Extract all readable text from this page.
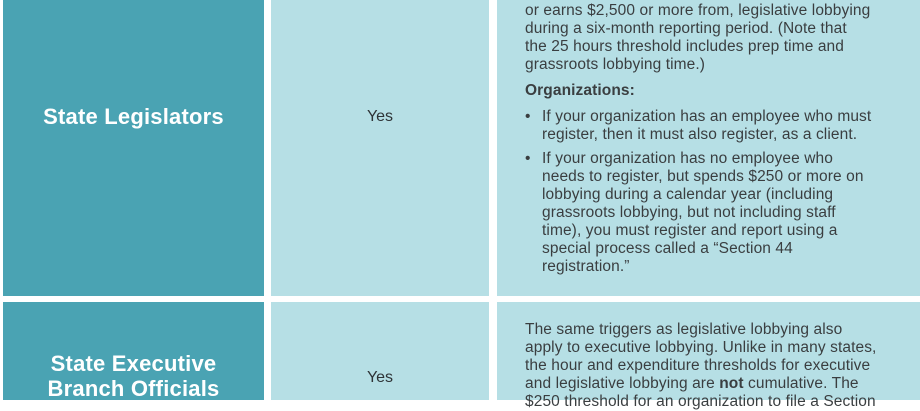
State Legislators	Yes
or earns $2,500 or more from, legislative lobbying
during a six-month reporting period. (Note that
the 25 hours threshold includes prep time and
grassroots lobbying time.)
Organizations:
• If your organization has an employee who must
register, then it must also register, as a client.
• If your organization has no employee who
needs to register, but spends $250 or more on
lobbying during a calendar year (including
grassroots lobbying, but not including staff
time), you must register and report using a
special process called a “Section 44
registration.”
State Executive
Branch Officials	Yes
The same triggers as legislative lobbying also
apply to executive lobbying. Unlike in many states,
the hour and expenditure thresholds for executive
and legislative lobbying are not cumulative. The
$250 threshold for an organization to file a Section
